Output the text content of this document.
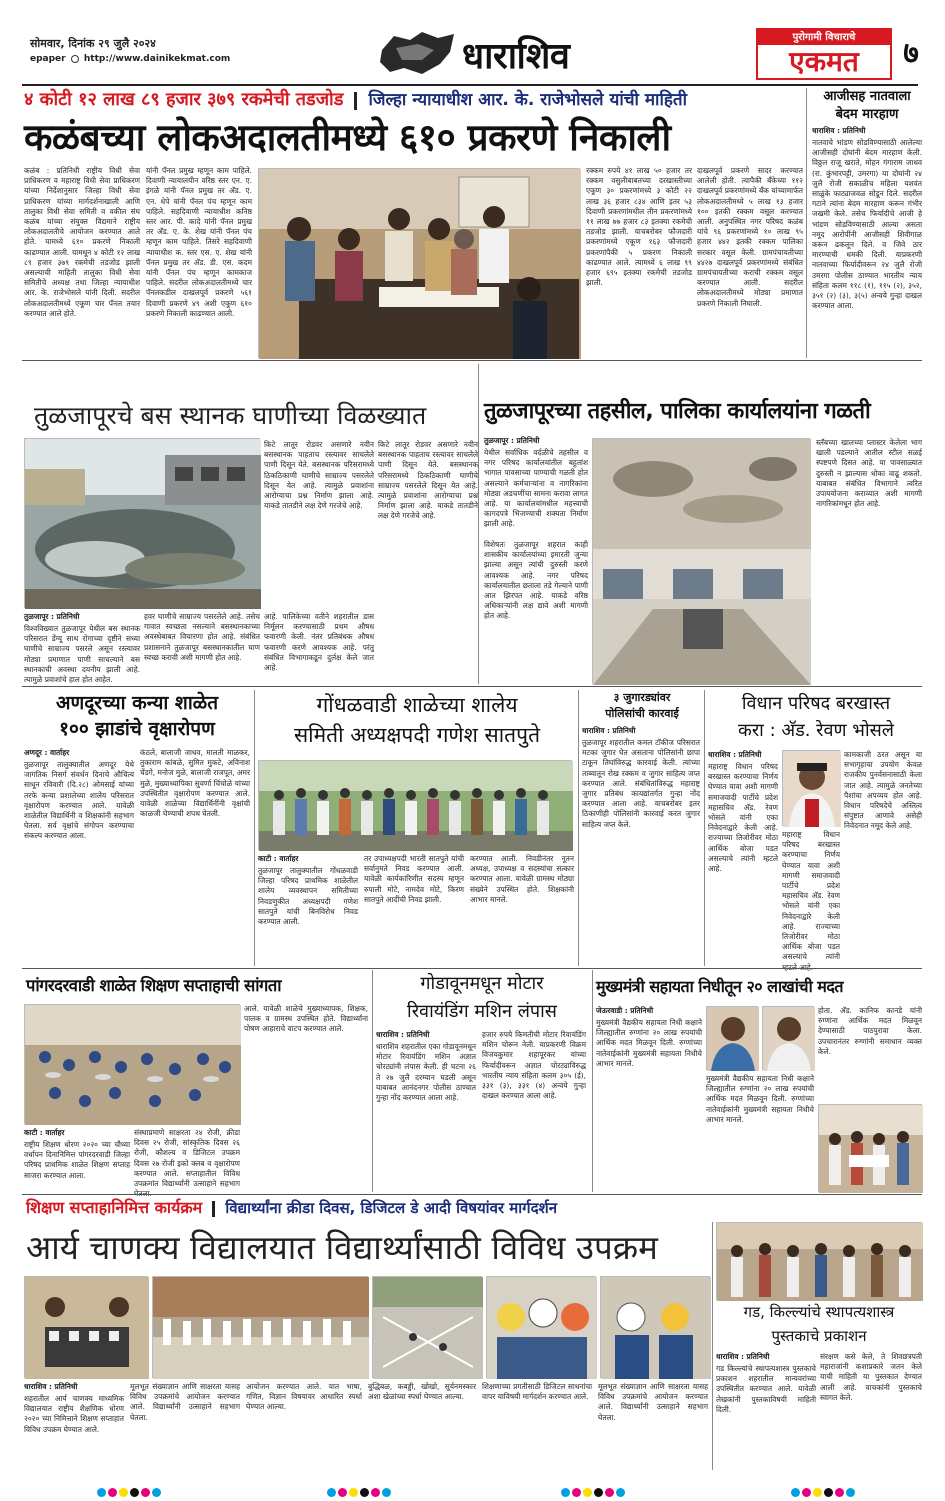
सोमवार, दिनांक २९ जुलै २०२४
epaper http://www.dainikekmat.com	धाराशिव	पुरोगामी विचाराचे
एकमत	७
४ कोटी १२ लाख ८९ हजार ३७९ रकमेची तडजोड जिल्हा न्यायाधीश आर. के. राजेभोसले यांची माहिती
कळंबच्या लोकअदालतीमध्ये ६१० प्रकरणे निकाली
कळंब : प्रतिनिधी राष्ट्रीय विधी सेवा प्राधिकरण व महाराष्ट्र विधी सेवा प्राधिकरण यांच्या निर्देशानुसार जिल्हा विधी सेवा प्राधिकरण यांच्या मार्गदर्शनाखाली आणि तालुका विधी सेवा समिती व वकील संघ कळंब यांच्या संयुक्त विद्यमाने राष्ट्रीय लोकअदालतीचे आयोजन करण्यात आले होते. यामध्ये ६१० प्रकरणे निकाली काढण्यात आली. यामधून ४ कोटी १२ लाख ८९ हजार ३७९ रकमेची तडजोड झाली असल्याची माहिती तालुका विधी सेवा समितीचे अध्यक्ष तथा जिल्हा न्यायाधीश आर. के. राजेभोसले यांनी दिली. सदरील लोकअदालतीमध्ये एकूण चार पॅनल तयार करण्यात आले होते.
यांनी पॅनल प्रमुख म्हणून काम पाहिले. दिवाणी न्यायालयीन वरिष्ठ स्तर एन. ए. इंगळे यांनी पॅनल प्रमुख तर अ‍ॅड. ए. एन. धेपे यांनी पॅनल पंच म्हणून काम पाहिले. सहदिवाणी न्यायाधीश कनिष्ठ स्तर आर. पी. कादे यांनी पॅनल प्रमुख तर अ‍ॅड. ए. के. शेख यांनी पॅनल पंच म्हणून काम पाहिले. तिसरे सहदिवाणी न्यायाधीश क. स्तर एस. ए. शेख यांनी पॅनल प्रमुख तर अ‍ॅड. डी. एस. कदम यांनी पॅनल पंच म्हणून कामकाज पाहिले. सदरील लोकअदालतीमध्ये चार पॅनलकडील दाखलपूर्व प्रकरणे ५६१ दिवाणी प्रकरणे ४९ अशी एकूण ६१० प्रकरणे निकाली काढण्यात आली.
रक्कम रुपये ४१ लाख ५० हजार तर रक्कम वसुलीबाबतच्या दरखास्तीच्या एकूण ३० प्रकरणांमध्ये ३ कोटी २२ लाख ३६ हजार ८३४ आणि इतर ५३ दिवाणी प्रकरणांमधील तीन प्रकरणांमध्ये ११ लाख ७७ हजार ८३ इतक्या रकमेची तडजोड झाली. याचबरोबर फौजदारी प्रकरणांमध्ये एकूण १६३ फौजदारी प्रकरणांपैकी ५ प्रकरण निकाली काढण्यात आले. त्यामध्ये ६ लाख ९९ हजार ६९५ इतक्या रकमेची तडजोड झाली.
दाखलपूर्व प्रकरणे सादर करण्यात आलेली होती. त्यापैकी बँकेच्या ११२ दाखलपूर्व प्रकरणांमध्ये बँक यांच्यामार्फत लोकअदालतीमध्ये ५ लाख १३ हजार १०० इतकी रक्कम वसूल करण्यात आली. अनुपस्थित नगर परिषद कळंब यांचे ९६ प्रकरणांमध्ये १० लाख ९५ हजार ४४२ इतकी रक्कम पालिका सरकार वसूल केली. ग्रामपंचायतीच्या ४४२७ दाखलपूर्व प्रकरणांमध्ये संबंधित ग्रामपंचायतीच्या कराची रक्कम वसूल करण्यात आली. सदरील लोकअदालतीमध्ये मोठ्या प्रमाणात प्रकरणे निकाली निघाली.
आजीसह नातवाला
बेदम मारहाण
धाराशिव : प्रतिनिधी
नातवाचे भांडण सोडविण्यासाठी आलेल्या आजीसही दोघांनी बेदम मारहाण केली. विठ्ठल राजू खराते, मोहन गंगाराम जाधव (रा. कुंभारपट्टी, उमरगा) या दोघांनी २४ जुलै रोजी सकाळीच महिला यशवंत साळुंके फाट्याजवळ सोडून दिले. सदरील गटाने त्यांना बेदम मारहाण करून गंभीर जखमी केले. तसेच फिर्यादीचे आजी हे भांडण सोडविण्यासाठी आल्या असता नमूद आरोपींनी आजीसही शिवीगाळ करून ढकलून दिले. व जिवे ठार मारण्याची धमकी दिली. याप्रकरणी नातवाच्या फिर्यादीवरून २४ जुलै रोजी उमरगा पोलीस ठाण्यात भारतीय न्याय संहिता कलम ११८ (१), ११५ (२), ३५२, ३५१ (२) (३), ३(५) अन्वये गुन्हा दाखल करण्यात आला.
तुळजापूरचे बस स्थानक घाणीच्या विळख्यात
तुळजापूर : प्रतिनिधी
विश्वविख्यात तुळजापूर येथील बस स्थानक परिसरात डेंग्यू साथ रोगाच्या दृष्टीने सध्या घाणीचे साम्राज्य पसरले असून रस्त्यावर मोठ्या प्रमाणात पाणी साचल्याने बस स्थानकाची अवस्था दयनीय झाली आहे. त्यामुळे प्रवाशांचे हाल होत आहेत.
हवर घाणीचे साम्राज्य पसरलेले आहे. तसेच गावात स्वच्छता नसल्याने बसस्थानकाच्या अवस्थेबाबत विचारणा होत आहे. संबंधित प्रशासनाने तुळजापूर बसस्थानकातील घाण स्वच्छ करावी अशी मागणी होत आहे.
आहे. पालिकेच्या वतीने शहरातील डास निर्मूलन करण्यासाठी प्रथम औषध फवारणी केली. नंतर प्रतिबंधक औषध फवारणी करणे आवश्यक आहे. परंतु संबंधित विभागाकडून दुर्लक्ष केले जात आहे.
किटे लातूर रोडवर असणारे नवीन बसस्थानक पाहताच रस्त्यावर साचलेले पाणी दिसून येते. बसस्थानक परिसरामध्ये ठिकठिकाणी घाणीचे साम्राज्य पसरलेले दिसून येत आहे. त्यामुळे प्रवाशांना आरोग्याचा प्रश्न निर्माण झाला आहे. याकडे तातडीने लक्ष देणे गरजेचे आहे.
किटे लातूर रोडवर असणारे नवीन बसस्थानक पाहताच रस्त्यावर साचलेले पाणी दिसून येते. बसस्थानक परिसरामध्ये ठिकठिकाणी घाणीचे साम्राज्य पसरलेले दिसून येत आहे. त्यामुळे प्रवाशांना आरोग्याचा प्रश्न निर्माण झाला आहे. याकडे तातडीने लक्ष देणे गरजेचे आहे.
तुळजापूरच्या तहसील, पालिका कार्यालयांना गळती
तुळजापूर : प्रतिनिधी
येथील सर्वाधिक वर्दळीचे तहसील व नगर परिषद कार्यालयांतील बहुतांश भागात पावसाच्या पाण्याची गळती होत असल्याने कर्मचाऱ्यांना व नागरिकांना मोठ्या अडचणींचा सामना करावा लागत आहे. या कार्यालयांमधील महत्त्वाची कागदपत्रे भिजण्याची शक्यता निर्माण झाली आहे.
विशेषतः तुळजापूर शहरात काही शासकीय कार्यालयांच्या इमारती जुन्या झाल्या असून त्यांची दुरुस्ती करणे आवश्यक आहे. नगर परिषद कार्यालयातील छताला तडे गेल्याने पाणी आत झिरपत आहे. याकडे वरिष्ठ अधिकाऱ्यांनी लक्ष द्यावे अशी मागणी होत आहे.
स्लॅबच्या खालच्या प्लास्टर केलेला भाग खाली पडल्याने आतील स्टील सळई स्पष्टपणे दिसत आहे. या पावसाळ्यात दुरुस्ती न झाल्यास धोका वाढू शकतो. याबाबत संबंधित विभागाने त्वरित उपाययोजना कराव्यात अशी मागणी नागरिकांमधून होत आहे.
अणदूरच्या कन्या शाळेत
१०० झाडांचे वृक्षारोपण
अणदूर : वार्ताहर
तुळजापूर तालुक्यातील अणदूर येथे जागतिक निसर्ग संवर्धन दिनाचे औचित्य साधून रविवारी (दि.२८) ओमसाई यांच्या तरफे कन्या प्रशालेच्या शालेय परिसरात वृक्षारोपण करण्यात आले. यावेळी शाळेतील विद्यार्थिनी व शिक्षकांनी सहभाग घेतला. सर्व वृक्षांचे संगोपन करण्याचा संकल्प करण्यात आला.
कंठले, बालाजी जाधव, मालती माळकर, तुकाराम कांबळे, सुमित मुकटे, अविनाश चेंडगे, मनोज मुळे, बालाजी राजपूत, अमर मुळे, मुख्याध्यापिका सुवर्णा चिंचोळे यांच्या उपस्थितीत वृक्षारोपण करण्यात आले. यावेळी शाळेच्या विद्यार्थिनींनी वृक्षांची काळजी घेण्याची शपथ घेतली.
गोंधळवाडी शाळेच्या शालेय
समिती अध्यक्षपदी गणेश सातपुते
काटी : वार्ताहर
तुळजापूर तालुक्यातील गोंधळवाडी जिल्हा परिषद प्राथमिक शाळेतील शालेय व्यवस्थापन समितीच्या निवडणुकीत अध्यक्षपदी गणेश सातपुते यांची बिनविरोध निवड करण्यात आली.
तर उपाध्यक्षपदी भारती सातपुते यांची सर्वानुमते निवड करण्यात आली. यावेळी कार्यकारिणीत सदस्य म्हणून रुपाली मोटे, नामदेव मोटे, किरण सातपुते आदींची निवड झाली.
करण्यात आली. निवडीनंतर नूतन अध्यक्ष, उपाध्यक्ष व सदस्यांचा सत्कार करण्यात आला. यावेळी ग्रामस्थ मोठ्या संख्येने उपस्थित होते. शिक्षकांनी आभार मानले.
३ जुगारड्यांवर
पोलिसांची कारवाई
धाराशिव : प्रतिनिधी
तुळजापूर शहरातील कमल टॉकीज परिसरात मटका जुगार घेत असताना पोलिसांनी छापा टाकून तिघांविरुद्ध कारवाई केली. त्यांच्या ताब्यातून रोख रक्कम व जुगार साहित्य जप्त करण्यात आले. संबंधितांविरुद्ध महाराष्ट्र जुगार प्रतिबंध कायद्यांतर्गत गुन्हा नोंद करण्यात आला आहे. याचबरोबर इतर ठिकाणीही पोलिसांनी कारवाई करत जुगार साहित्य जप्त केले.
विधान परिषद बरखास्त
करा : अ‍ॅड. रेवण भोसले
धाराशिव : प्रतिनिधी
महाराष्ट्र विधान परिषद बरखास्त करण्याचा निर्णय घेण्यात यावा अशी मागणी समाजवादी पार्टीचे प्रदेश महासचिव अ‍ॅड. रेवण भोसले यांनी एका निवेदनाद्वारे केली आहे. राज्याच्या तिजोरीवर मोठा आर्थिक बोजा पडत असल्याचे त्यांनी म्हटले आहे.
कामकाजी ठरत असून या सभागृहाचा उपयोग केवळ राजकीय पुनर्वसनासाठी केला जात आहे. त्यामुळे जनतेच्या पैशांचा अपव्यय होत आहे. विधान परिषदेचे अस्तित्व संपुष्टात आणावे असेही निवेदनात नमूद केले आहे.
महाराष्ट्र विधान परिषद बरखास्त करण्याचा निर्णय घेण्यात यावा अशी मागणी समाजवादी पार्टीचे प्रदेश महासचिव अ‍ॅड. रेवण भोसले यांनी एका निवेदनाद्वारे केली आहे. राज्याच्या तिजोरीवर मोठा आर्थिक बोजा पडत असल्याचे त्यांनी
पांगरदरवाडी शाळेत शिक्षण सप्ताहाची सांगता
काटी : वार्ताहर
राष्ट्रीय शिक्षण धोरण २०२० च्या चौथ्या वर्धापन दिनानिमित्त पांगरदरवाडी जिल्हा परिषद प्राथमिक शाळेत शिक्षण सप्ताह साजरा करण्यात आला.
संस्थाप्रमाणे साक्षरता २४ रोजी, क्रीडा दिवस २५ रोजी, सांस्कृतिक दिवस २६ रोजी, कौशल्य व डिजिटल उपक्रम दिवस २७ रोजी इको क्लब व वृक्षारोपण करण्यात आले. सप्ताहातील विविध उपक्रमांत विद्यार्थ्यांनी उत्साहाने सहभाग
आले. यावेळी शाळेचे मुख्याध्यापक, शिक्षक, पालक व ग्रामस्थ उपस्थित होते. विद्यार्थ्यांना पोषण आहाराचे वाटप करण्यात आले.
गोडावूनमधून मोटार
रिवायंडिंग मशिन लंपास
धाराशिव : प्रतिनिधी
धाराशिव शहरातील एका गोडावूनमधून मोटार रिवायंडिंग मशिन अज्ञात चोरट्यांनी लंपास केली. ही घटना २६ ते २७ जुलै दरम्यान घडली असून याबाबत आनंदनगर पोलीस ठाण्यात गुन्हा नोंद करण्यात आला आहे.
हजार रुपये किमतीची मोटार रिवायंडिंग मशिन चोरून नेली. याप्रकरणी विक्रम विजयकुमार शहापूरकर यांच्या फिर्यादीवरून अज्ञात चोरट्याविरुद्ध भारतीय न्याय संहिता कलम ३०५ (ई), ३३१ (३), ३३१ (४) अन्वये गुन्हा दाखल करण्यात आला आहे.
मुख्यमंत्री सहायता निधीतून २० लाखांची मदत
जेऊरवाडी : प्रतिनिधी
मुख्यमंत्री वैद्यकीय सहायता निधी कक्षाने जिल्ह्यातील रुग्णांना २० लाख रुपयांची आर्थिक मदत मिळवून दिली. रुग्णांच्या नातेवाईकांनी मुख्यमंत्री सहायता निधीचे आभार मानले.
होता. अ‍ॅड. कानिफ कानडे यांनी रुग्णांना आर्थिक मदत मिळवून देण्यासाठी पाठपुरावा केला. उपचारानंतर रुग्णांनी समाधान व्यक्त केले.
मुख्यमंत्री वैद्यकीय सहायता निधी कक्षाने जिल्ह्यातील रुग्णांना २० लाख रुपयांची आर्थिक मदत मिळवून दिली. रुग्णांच्या नातेवाईकांनी मुख्यमंत्री सहायता निधीचे आभार मानले.
शिक्षण सप्ताहानिमित्त कार्यक्रम विद्यार्थ्यांना क्रीडा दिवस, डिजिटल डे आदी विषयांवर मार्गदर्शन
आर्य चाणक्य विद्यालयात विद्यार्थ्यांसाठी विविध उपक्रम
धाराशिव : प्रतिनिधी
शहरातील आर्य चाणक्य माध्यमिक विद्यालयात राष्ट्रीय शैक्षणिक धोरण २०२० च्या निमित्ताने शिक्षण सप्ताहात विविध उपक्रम घेण्यात आले.
मूलभूत संख्याज्ञान आणि साक्षरता यासह विविध उपक्रमांचे आयोजन करण्यात आले. विद्यार्थ्यांनी उत्साहाने सहभाग घेतला.
आयोजन करण्यात आले. यात भाषा, गणित, विज्ञान विषयावर आधारित स्पर्धा घेण्यात आल्या.
बुद्धिबळ, कबड्डी, खोखो, सूर्यनमस्कार अशा खेळांच्या स्पर्धा घेण्यात आल्या.
शिक्षणाच्या प्रगतीसाठी डिजिटल साधनांचा वापर याविषयी मार्गदर्शन करण्यात आले.
मूलभूत संख्याज्ञान आणि साक्षरता यासह विविध उपक्रमांचे आयोजन करण्यात आले. विद्यार्थ्यांनी उत्साहाने सहभाग घेतला.
गड, किल्ल्यांचे स्थापत्यशास्त्र
पुस्तकाचे प्रकाशन
धाराशिव : प्रतिनिधी
गड किल्ल्यांचे स्थापत्यशास्त्र पुस्तकाचे प्रकाशन शहरातील मान्यवरांच्या उपस्थितीत करण्यात आले. यावेळी लेखकांनी पुस्तकाविषयी माहिती दिली.
संरक्षण कसे केले, ते शिवछत्रपती महाराजांनी कशाप्रकारे जतन केले याची माहिती या पुस्तकात देण्यात आली आहे. वाचकांनी पुस्तकाचे स्वागत केले.
